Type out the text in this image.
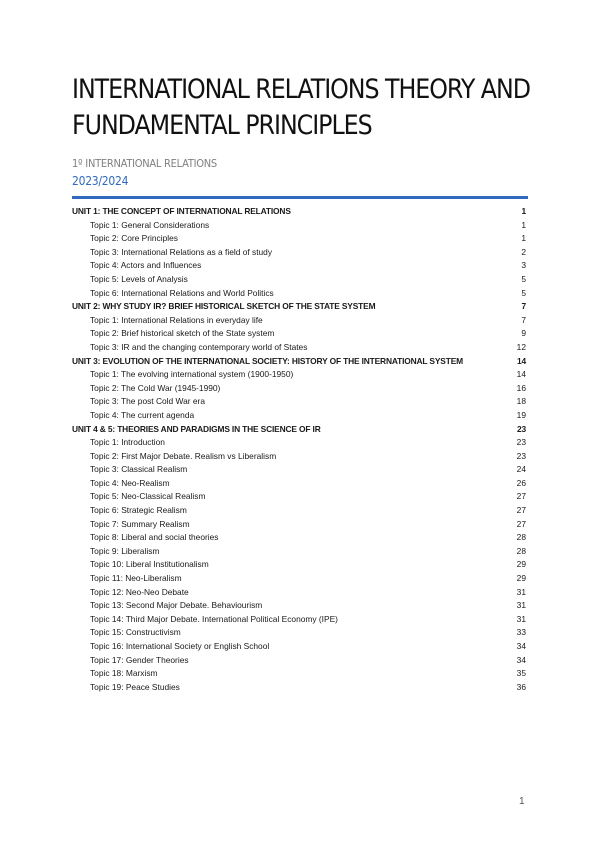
INTERNATIONAL RELATIONS THEORY AND
FUNDAMENTAL PRINCIPLES
1º INTERNATIONAL RELATIONS
2023/2024
UNIT 1: THE CONCEPT OF INTERNATIONAL RELATIONS	1
Topic 1: General Considerations	1
Topic 2: Core Principles	1
Topic 3: International Relations as a field of study	2
Topic 4: Actors and Influences	3
Topic 5: Levels of Analysis	5
Topic 6: International Relations and World Politics	5
UNIT 2: WHY STUDY IR? BRIEF HISTORICAL SKETCH OF THE STATE SYSTEM	7
Topic 1: International Relations in everyday life	7
Topic 2: Brief historical sketch of the State system	9
Topic 3: IR and the changing contemporary world of States	12
UNIT 3: EVOLUTION OF THE INTERNATIONAL SOCIETY: HISTORY OF THE INTERNATIONAL SYSTEM	14
Topic 1: The evolving international system (1900-1950)	14
Topic 2: The Cold War (1945-1990)	16
Topic 3: The post Cold War era	18
Topic 4: The current agenda	19
UNIT 4 & 5: THEORIES AND PARADIGMS IN THE SCIENCE OF IR	23
Topic 1: Introduction	23
Topic 2: First Major Debate. Realism vs Liberalism	23
Topic 3: Classical Realism	24
Topic 4: Neo-Realism	26
Topic 5: Neo-Classical Realism	27
Topic 6: Strategic Realism	27
Topic 7: Summary Realism	27
Topic 8: Liberal and social theories	28
Topic 9: Liberalism	28
Topic 10: Liberal Institutionalism	29
Topic 11: Neo-Liberalism	29
Topic 12: Neo-Neo Debate	31
Topic 13: Second Major Debate. Behaviourism	31
Topic 14: Third Major Debate. International Political Economy (IPE)	31
Topic 15: Constructivism	33
Topic 16: International Society or English School	34
Topic 17: Gender Theories	34
Topic 18: Marxism	35
Topic 19: Peace Studies	36
1
